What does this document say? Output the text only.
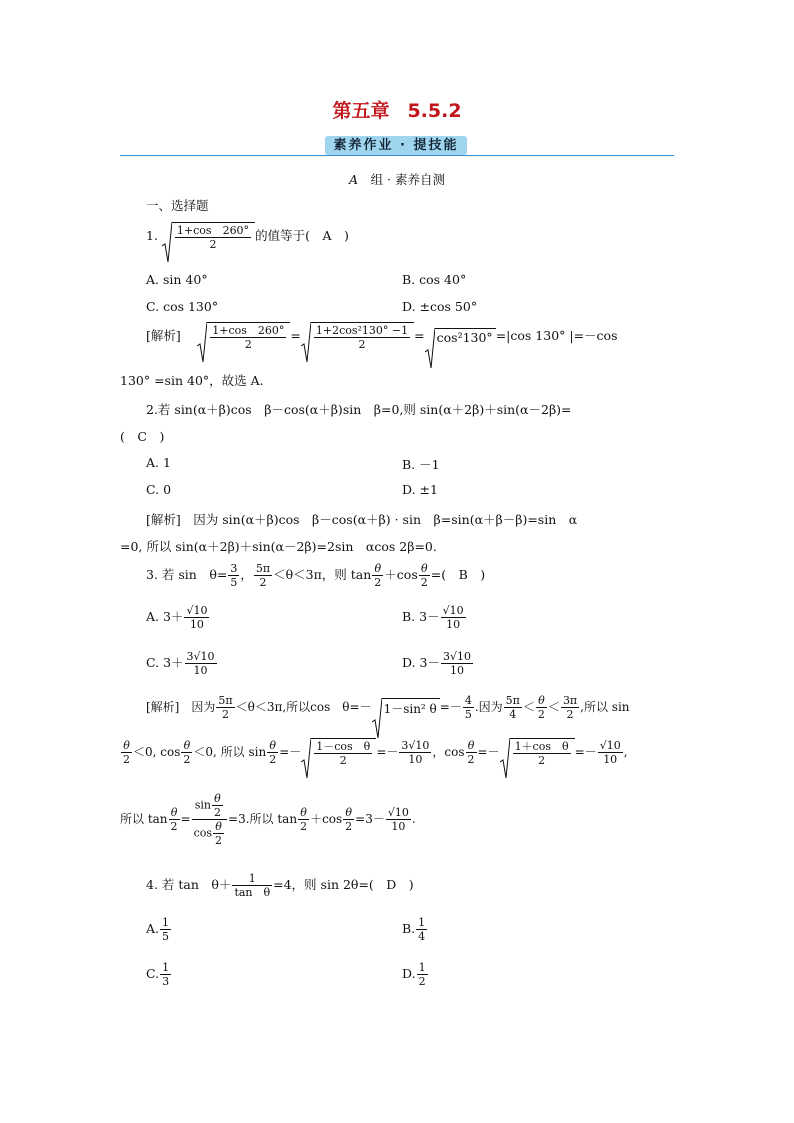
第五章 5.5.2
素养作业 · 提技能
A　 组 · 素养自测
一、选择题
1. $\frac{1+\cos 260^\circ}{2}$ 的值等于(　A　)
A. sin 40°	B. cos 40°
C. cos 130°	D. ±cos 50°
[解析]　	$\frac{1+\cos 260^\circ}{2} = \frac{\text{1+2cos²130° −1}}{2} = \cos^2130^\circ =|\cos$ 130° |=－cos
130° =sin 40°，故选 A.
2.若 sin(α＋β)cos　β－cos(α＋β)sin　β=0,则 sin(α＋2β)＋sin(α－2β)=
(　C　)
A. 1	B. －1
C. 0	D. ±1
[解析]　因为 sin(α＋β)cos　β－cos(α＋β) · sin　β=sin(α＋β－β)=sin　α
=0, 所以 sin(α＋2β)＋sin(α－2β)=2sin　αcos 2β=0.
3. 若 sin　$\theta= \frac{3}{5}$ ， $\frac{5\pi}{2} <\theta<3\pi$，则 $\tan \frac{\theta}{2} +\cos \frac{\theta}{2}$ =(　B　)
A. $3+ \frac{√10}{10}$	B. $3- \frac{√10}{10}$
C. $3+ \frac{3√10}{10}$	D. $3- \frac{3√10}{10}$
[解析]　因为 $\frac{5\pi}{2} <\theta<3\pi$,所以cos　θ=－ 1－sin² $\theta =- \frac{4}{5}$ .因为 $\frac{5\pi}{4} < \frac{\theta}{2} < \frac{3\pi}{2}$ ,所以 sin
$\frac{\theta}{2} <0$, $\cos \frac{\theta}{2} <0$, 所以 $\sin \frac{\theta}{2} =- \frac{\text{1－cos　θ}}{2} =- \frac{3√10}{10}$ ，$\cos \frac{\theta}{2} =- \frac{\text{1＋cos　θ}}{2} =- \frac{√10}{10}$ ,
所以 $\tan \frac{\theta}{2} = \frac{\sin \frac{\theta}{2}}{\cos \frac{\theta}{2}} =3$.所以 $\tan \frac{\theta}{2} +\cos \frac{\theta}{2} =3- \frac{√10}{10}$ .
4. 若 tan　$\theta+ \frac{1}{\text{tan　θ}} =4$，则 sin 2θ=(　D　)
A. $\frac{1}{5}$	B. $\frac{1}{4}$
C. $\frac{1}{3}$	D. $\frac{1}{2}$
